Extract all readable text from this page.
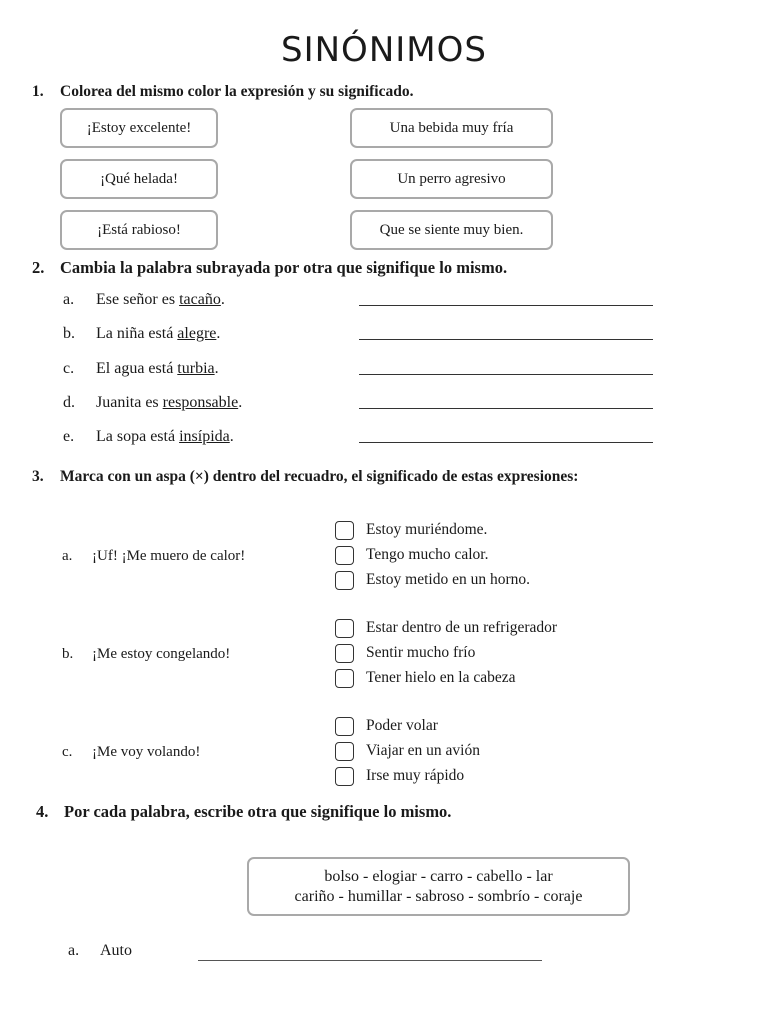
SINÓNIMOS
1. Colorea del mismo color la expresión y su significado.
¡Estoy excelente!
¡Qué helada!
¡Está rabioso!
Una bebida muy fría
Un perro agresivo
Que se siente muy bien.
2. Cambia la palabra subrayada por otra que signifique lo mismo.
a. Ese señor es tacaño.
b. La niña está alegre.
c. El agua está turbia.
d. Juanita es responsable.
e. La sopa está insípida.
3. Marca con un aspa (×) dentro del recuadro, el significado de estas expresiones:
a. ¡Uf! ¡Me muero de calor!
Estoy muriéndome.
Tengo mucho calor.
Estoy metido en un horno.
b. ¡Me estoy congelando!
Estar dentro de un refrigerador
Sentir mucho frío
Tener hielo en la cabeza
c. ¡Me voy volando!
Poder volar
Viajar en un avión
Irse muy rápido
4. Por cada palabra, escribe otra que signifique lo mismo.
bolso - elogiar - carro - cabello - lar
cariño - humillar - sabroso - sombrío - coraje
a. Auto
